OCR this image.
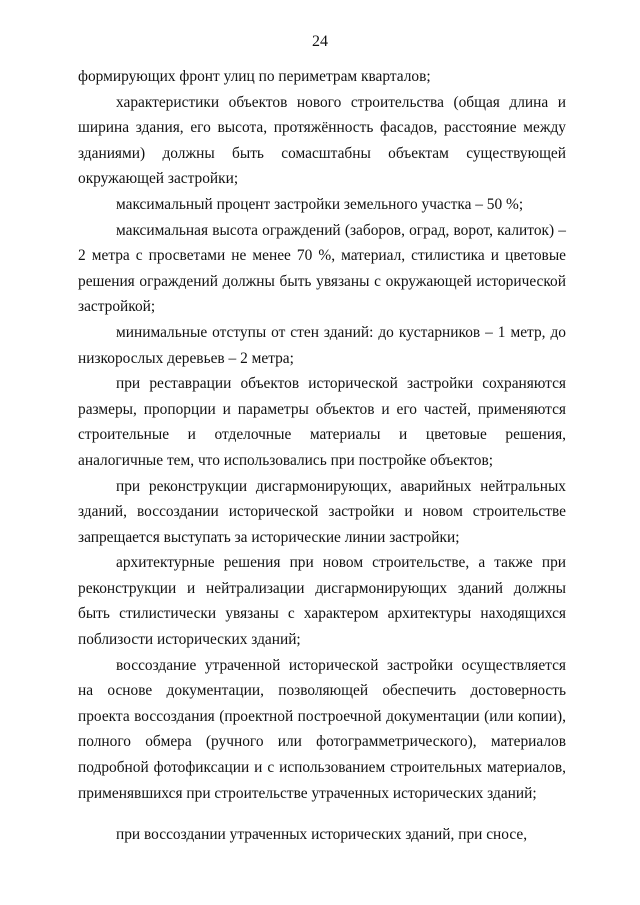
24

формирующих фронт улиц по периметрам кварталов;

характеристики объектов нового строительства (общая длина и ширина здания, его высота, протяжённость фасадов, расстояние между зданиями) должны быть сомасштабны объектам существующей окружающей застройки;

максимальный процент застройки земельного участка – 50 %;

максимальная высота ограждений (заборов, оград, ворот, калиток) – 2 метра с просветами не менее 70 %, материал, стилистика и цветовые решения ограждений должны быть увязаны с окружающей исторической застройкой;

минимальные отступы от стен зданий: до кустарников – 1 метр, до низкорослых деревьев – 2 метра;

при реставрации объектов исторической застройки сохраняются размеры, пропорции и параметры объектов и его частей, применяются строительные и отделочные материалы и цветовые решения, аналогичные тем, что использовались при постройке объектов;

при реконструкции дисгармонирующих, аварийных нейтральных зданий, воссоздании исторической застройки и новом строительстве запрещается выступать за исторические линии застройки;

архитектурные решения при новом строительстве, а также при реконструкции и нейтрализации дисгармонирующих зданий должны быть стилистически увязаны с характером архитектуры находящихся поблизости исторических зданий;

воссоздание утраченной исторической застройки осуществляется на основе документации, позволяющей обеспечить достоверность проекта воссоздания (проектной построечной документации (или копии), полного обмера (ручного или фотограмметрического), материалов подробной фотофиксации и с использованием строительных материалов, применявшихся при строительстве утраченных исторических зданий;

при воссоздании утраченных исторических зданий, при сносе,
